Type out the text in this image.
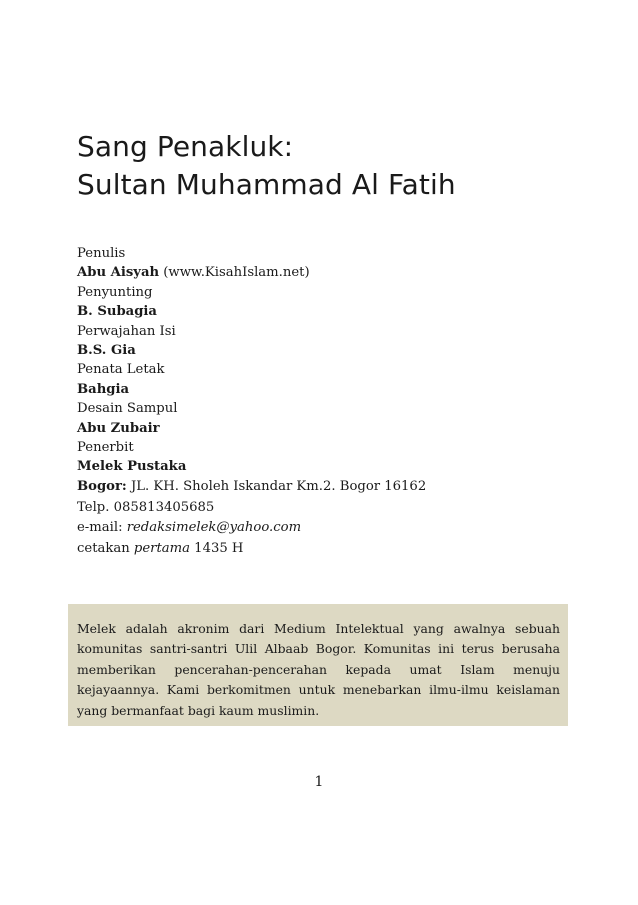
Sang Penakluk:
Sultan Muhammad Al Fatih
Penulis
Abu Aisyah (www.KisahIslam.net)
Penyunting
B. Subagia
Perwajahan Isi
B.S. Gia
Penata Letak
Bahgia
Desain Sampul
Abu Zubair
Penerbit
Melek Pustaka
Bogor: JL. KH. Sholeh Iskandar Km.2. Bogor 16162
Telp. 085813405685
e-mail: redaksimelek@yahoo.com
cetakan pertama 1435 H

Melek adalah akronim dari Medium Intelektual yang awalnya sebuah komunitas santri-santri Ulil Albaab Bogor. Komunitas ini terus berusaha memberikan pencerahan-pencerahan kepada umat Islam menuju kejayaannya. Kami berkomitmen untuk menebarkan ilmu-ilmu keislaman yang bermanfaat bagi kaum muslimin.

1
